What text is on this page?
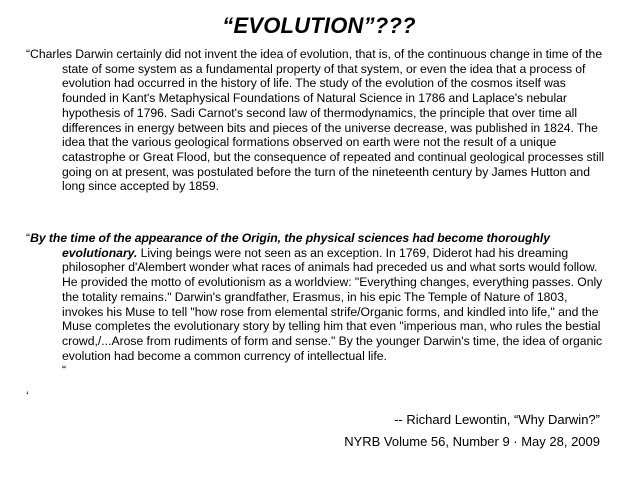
“EVOLUTION”???
“Charles Darwin certainly did not invent the idea of evolution, that is, of the continuous change in time of the state of some system as a fundamental property of that system, or even the idea that a process of evolution had occurred in the history of life. The study of the evolution of the cosmos itself was founded in Kant's Metaphysical Foundations of Natural Science in 1786 and Laplace's nebular hypothesis of 1796. Sadi Carnot's second law of thermodynamics, the principle that over time all differences in energy between bits and pieces of the universe decrease, was published in 1824. The idea that the various geological formations observed on earth were not the result of a unique catastrophe or Great Flood, but the consequence of repeated and continual geological processes still going on at present, was postulated before the turn of the nineteenth century by James Hutton and long since accepted by 1859.
“By the time of the appearance of the Origin, the physical sciences had become thoroughly evolutionary. Living beings were not seen as an exception. In 1769, Diderot had his dreaming philosopher d'Alembert wonder what races of animals had preceded us and what sorts would follow. He provided the motto of evolutionism as a worldview: "Everything changes, everything passes. Only the totality remains." Darwin's grandfather, Erasmus, in his epic The Temple of Nature of 1803, invokes his Muse to tell "how rose from elemental strife/Organic forms, and kindled into life," and the Muse completes the evolutionary story by telling him that even "imperious man, who rules the bestial crowd,/...Arose from rudiments of form and sense." By the younger Darwin's time, the idea of organic evolution had become a common currency of intellectual life.
“
‘
-- Richard Lewontin, “Why Darwin?”
NYRB Volume 56, Number 9 · May 28, 2009
